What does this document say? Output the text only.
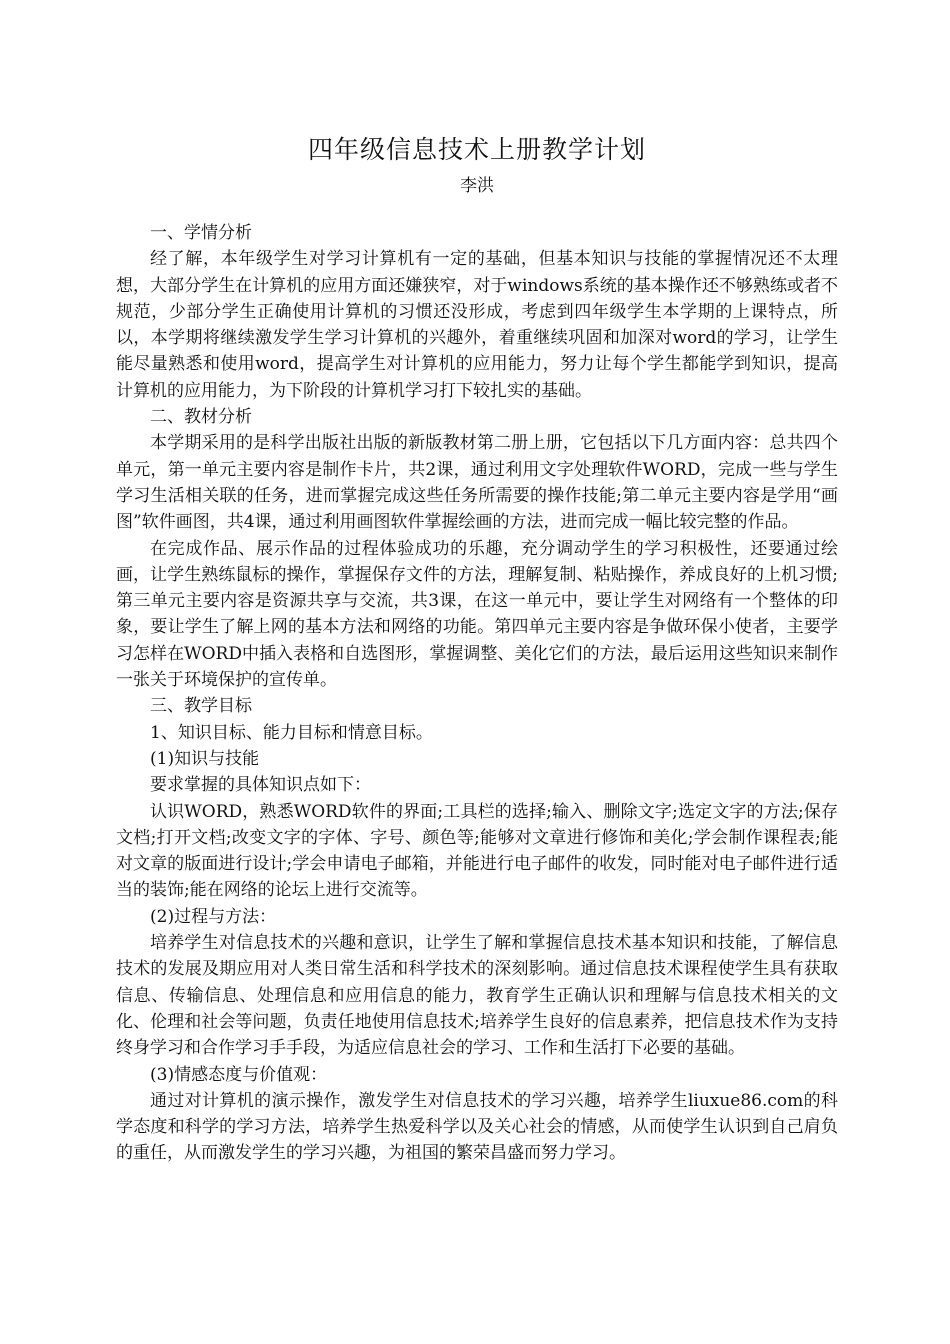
四年级信息技术上册教学计划
李洪

一、学情分析

经了解，本年级学生对学习计算机有一定的基础，但基本知识与技能的掌握情况还不太理想，大部分学生在计算机的应用方面还嫌狭窄，对于windows系统的基本操作还不够熟练或者不规范，少部分学生正确使用计算机的习惯还没形成，考虑到四年级学生本学期的上课特点，所以，本学期将继续激发学生学习计算机的兴趣外，着重继续巩固和加深对word的学习，让学生能尽量熟悉和使用word，提高学生对计算机的应用能力，努力让每个学生都能学到知识，提高计算机的应用能力，为下阶段的计算机学习打下较扎实的基础。

二、教材分析

本学期采用的是科学出版社出版的新版教材第二册上册，它包括以下几方面内容：总共四个单元，第一单元主要内容是制作卡片，共2课，通过利用文字处理软件WORD，完成一些与学生学习生活相关联的任务，进而掌握完成这些任务所需要的操作技能;第二单元主要内容是学用“画图”软件画图，共4课，通过利用画图软件掌握绘画的方法，进而完成一幅比较完整的作品。

在完成作品、展示作品的过程体验成功的乐趣，充分调动学生的学习积极性，还要通过绘画，让学生熟练鼠标的操作，掌握保存文件的方法，理解复制、粘贴操作，养成良好的上机习惯;第三单元主要内容是资源共享与交流，共3课，在这一单元中，要让学生对网络有一个整体的印象，要让学生了解上网的基本方法和网络的功能。第四单元主要内容是争做环保小使者，主要学习怎样在WORD中插入表格和自选图形，掌握调整、美化它们的方法，最后运用这些知识来制作一张关于环境保护的宣传单。

三、教学目标

1、知识目标、能力目标和情意目标。

(1)知识与技能

要求掌握的具体知识点如下：

认识WORD，熟悉WORD软件的界面;工具栏的选择;输入、删除文字;选定文字的方法;保存文档;打开文档;改变文字的字体、字号、颜色等;能够对文章进行修饰和美化;学会制作课程表;能对文章的版面进行设计;学会申请电子邮箱，并能进行电子邮件的收发，同时能对电子邮件进行适当的装饰;能在网络的论坛上进行交流等。

(2)过程与方法：

培养学生对信息技术的兴趣和意识，让学生了解和掌握信息技术基本知识和技能，了解信息技术的发展及期应用对人类日常生活和科学技术的深刻影响。通过信息技术课程使学生具有获取信息、传输信息、处理信息和应用信息的能力，教育学生正确认识和理解与信息技术相关的文化、伦理和社会等问题，负责任地使用信息技术;培养学生良好的信息素养，把信息技术作为支持终身学习和合作学习手手段，为适应信息社会的学习、工作和生活打下必要的基础。

(3)情感态度与价值观：

通过对计算机的演示操作，激发学生对信息技术的学习兴趣，培养学生liuxue86.com的科学态度和科学的学习方法，培养学生热爱科学以及关心社会的情感，从而使学生认识到自己肩负的重任，从而激发学生的学习兴趣，为祖国的繁荣昌盛而努力学习。
